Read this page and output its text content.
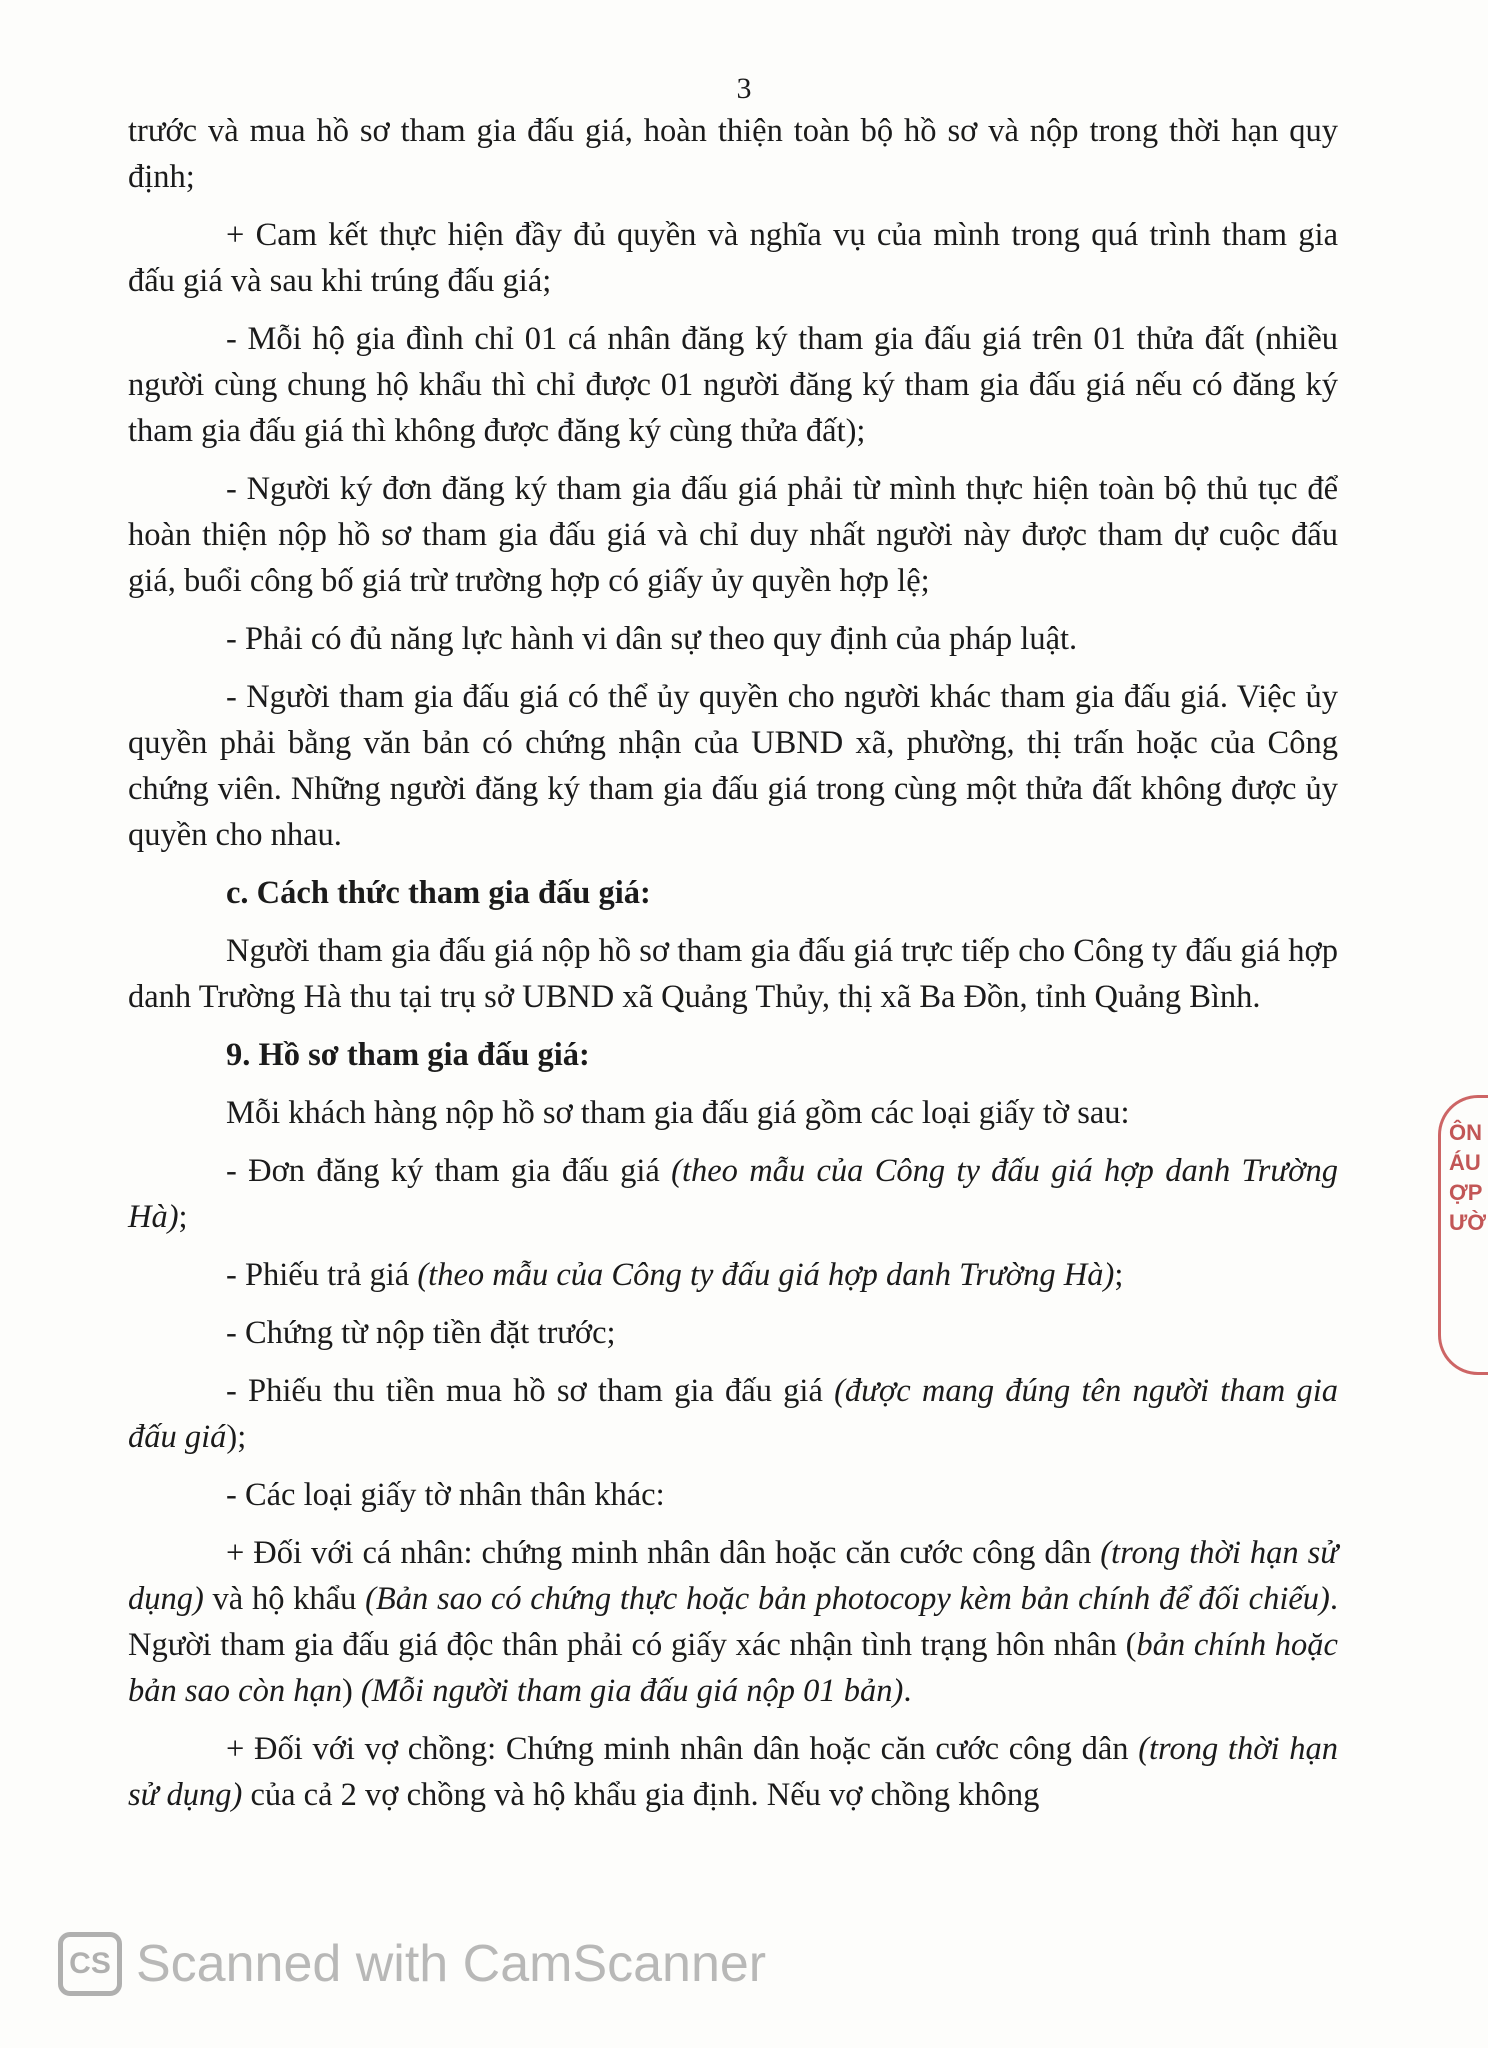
3

trước và mua hồ sơ tham gia đấu giá, hoàn thiện toàn bộ hồ sơ và nộp trong thời hạn quy định;

+ Cam kết thực hiện đầy đủ quyền và nghĩa vụ của mình trong quá trình tham gia đấu giá và sau khi trúng đấu giá;

- Mỗi hộ gia đình chỉ 01 cá nhân đăng ký tham gia đấu giá trên 01 thửa đất (nhiều người cùng chung hộ khẩu thì chỉ được 01 người đăng ký tham gia đấu giá nếu có đăng ký tham gia đấu giá thì không được đăng ký cùng thửa đất);

- Người ký đơn đăng ký tham gia đấu giá phải từ mình thực hiện toàn bộ thủ tục để hoàn thiện nộp hồ sơ tham gia đấu giá và chỉ duy nhất người này được tham dự cuộc đấu giá, buổi công bố giá trừ trường hợp có giấy ủy quyền hợp lệ;

- Phải có đủ năng lực hành vi dân sự theo quy định của pháp luật.

- Người tham gia đấu giá có thể ủy quyền cho người khác tham gia đấu giá. Việc ủy quyền phải bằng văn bản có chứng nhận của UBND xã, phường, thị trấn hoặc của Công chứng viên. Những người đăng ký tham gia đấu giá trong cùng một thửa đất không được ủy quyền cho nhau.

c. Cách thức tham gia đấu giá:

Người tham gia đấu giá nộp hồ sơ tham gia đấu giá trực tiếp cho Công ty đấu giá hợp danh Trường Hà thu tại trụ sở UBND xã Quảng Thủy, thị xã Ba Đồn, tỉnh Quảng Bình.

9. Hồ sơ tham gia đấu giá:

Mỗi khách hàng nộp hồ sơ tham gia đấu giá gồm các loại giấy tờ sau:

- Đơn đăng ký tham gia đấu giá (theo mẫu của Công ty đấu giá hợp danh Trường Hà);

- Phiếu trả giá (theo mẫu của Công ty đấu giá hợp danh Trường Hà);

- Chứng từ nộp tiền đặt trước;

- Phiếu thu tiền mua hồ sơ tham gia đấu giá (được mang đúng tên người tham gia đấu giá);

- Các loại giấy tờ nhân thân khác:

+ Đối với cá nhân: chứng minh nhân dân hoặc căn cước công dân (trong thời hạn sử dụng) và hộ khẩu (Bản sao có chứng thực hoặc bản photocopy kèm bản chính để đối chiếu). Người tham gia đấu giá độc thân phải có giấy xác nhận tình trạng hôn nhân (bản chính hoặc bản sao còn hạn) (Mỗi người tham gia đấu giá nộp 01 bản).

+ Đối với vợ chồng: Chứng minh nhân dân hoặc căn cước công dân (trong thời hạn sử dụng) của cả 2 vợ chồng và hộ khẩu gia định. Nếu vợ chồng không

ÔN
ÁU
ỢP
ƯỜ
CS Scanned with CamScanner
